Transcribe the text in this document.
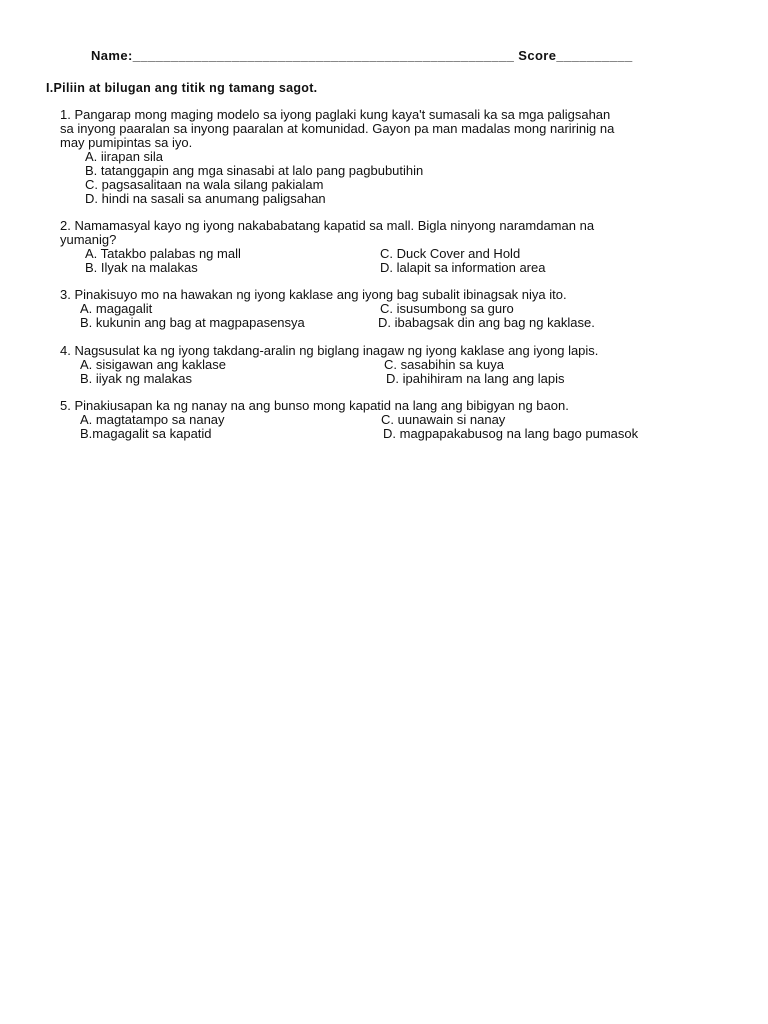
Name:__________________________________________________ Score__________
I.Piliin at bilugan ang titik ng tamang sagot.
1. Pangarap mong maging modelo sa iyong paglaki kung kaya't sumasali ka sa mga paligsahan
sa inyong paaralan sa inyong paaralan at komunidad. Gayon pa man madalas mong naririnig na
may pumipintas sa iyo.
A. iirapan sila
B. tatanggapin ang mga sinasabi at lalo pang pagbubutihin
C. pagsasalitaan na wala silang pakialam
D. hindi na sasali sa anumang paligsahan
2. Namamasyal kayo ng iyong nakababatang kapatid sa mall. Bigla ninyong naramdaman na
yumanig?
A. Tatakbo palabas ng mall	C. Duck Cover and Hold
B. Ilyak na malakas	D. lalapit sa information area
3. Pinakisuyo mo na hawakan ng iyong kaklase ang iyong bag subalit ibinagsak niya ito.
A. magagalit	C. isusumbong sa guro
B. kukunin ang bag at magpapasensya	D. ibabagsak din ang bag ng kaklase.
4. Nagsusulat ka ng iyong takdang-aralin ng biglang inagaw ng iyong kaklase ang iyong lapis.
A. sisigawan ang kaklase	C. sasabihin sa kuya
B. iiyak ng malakas	D. ipahihiram na lang ang lapis
5. Pinakiusapan ka ng nanay na ang bunso mong kapatid na lang ang bibigyan ng baon.
A. magtatampo sa nanay	C. uunawain si nanay
B.magagalit sa kapatid	D. magpapakabusog na lang bago pumasok
